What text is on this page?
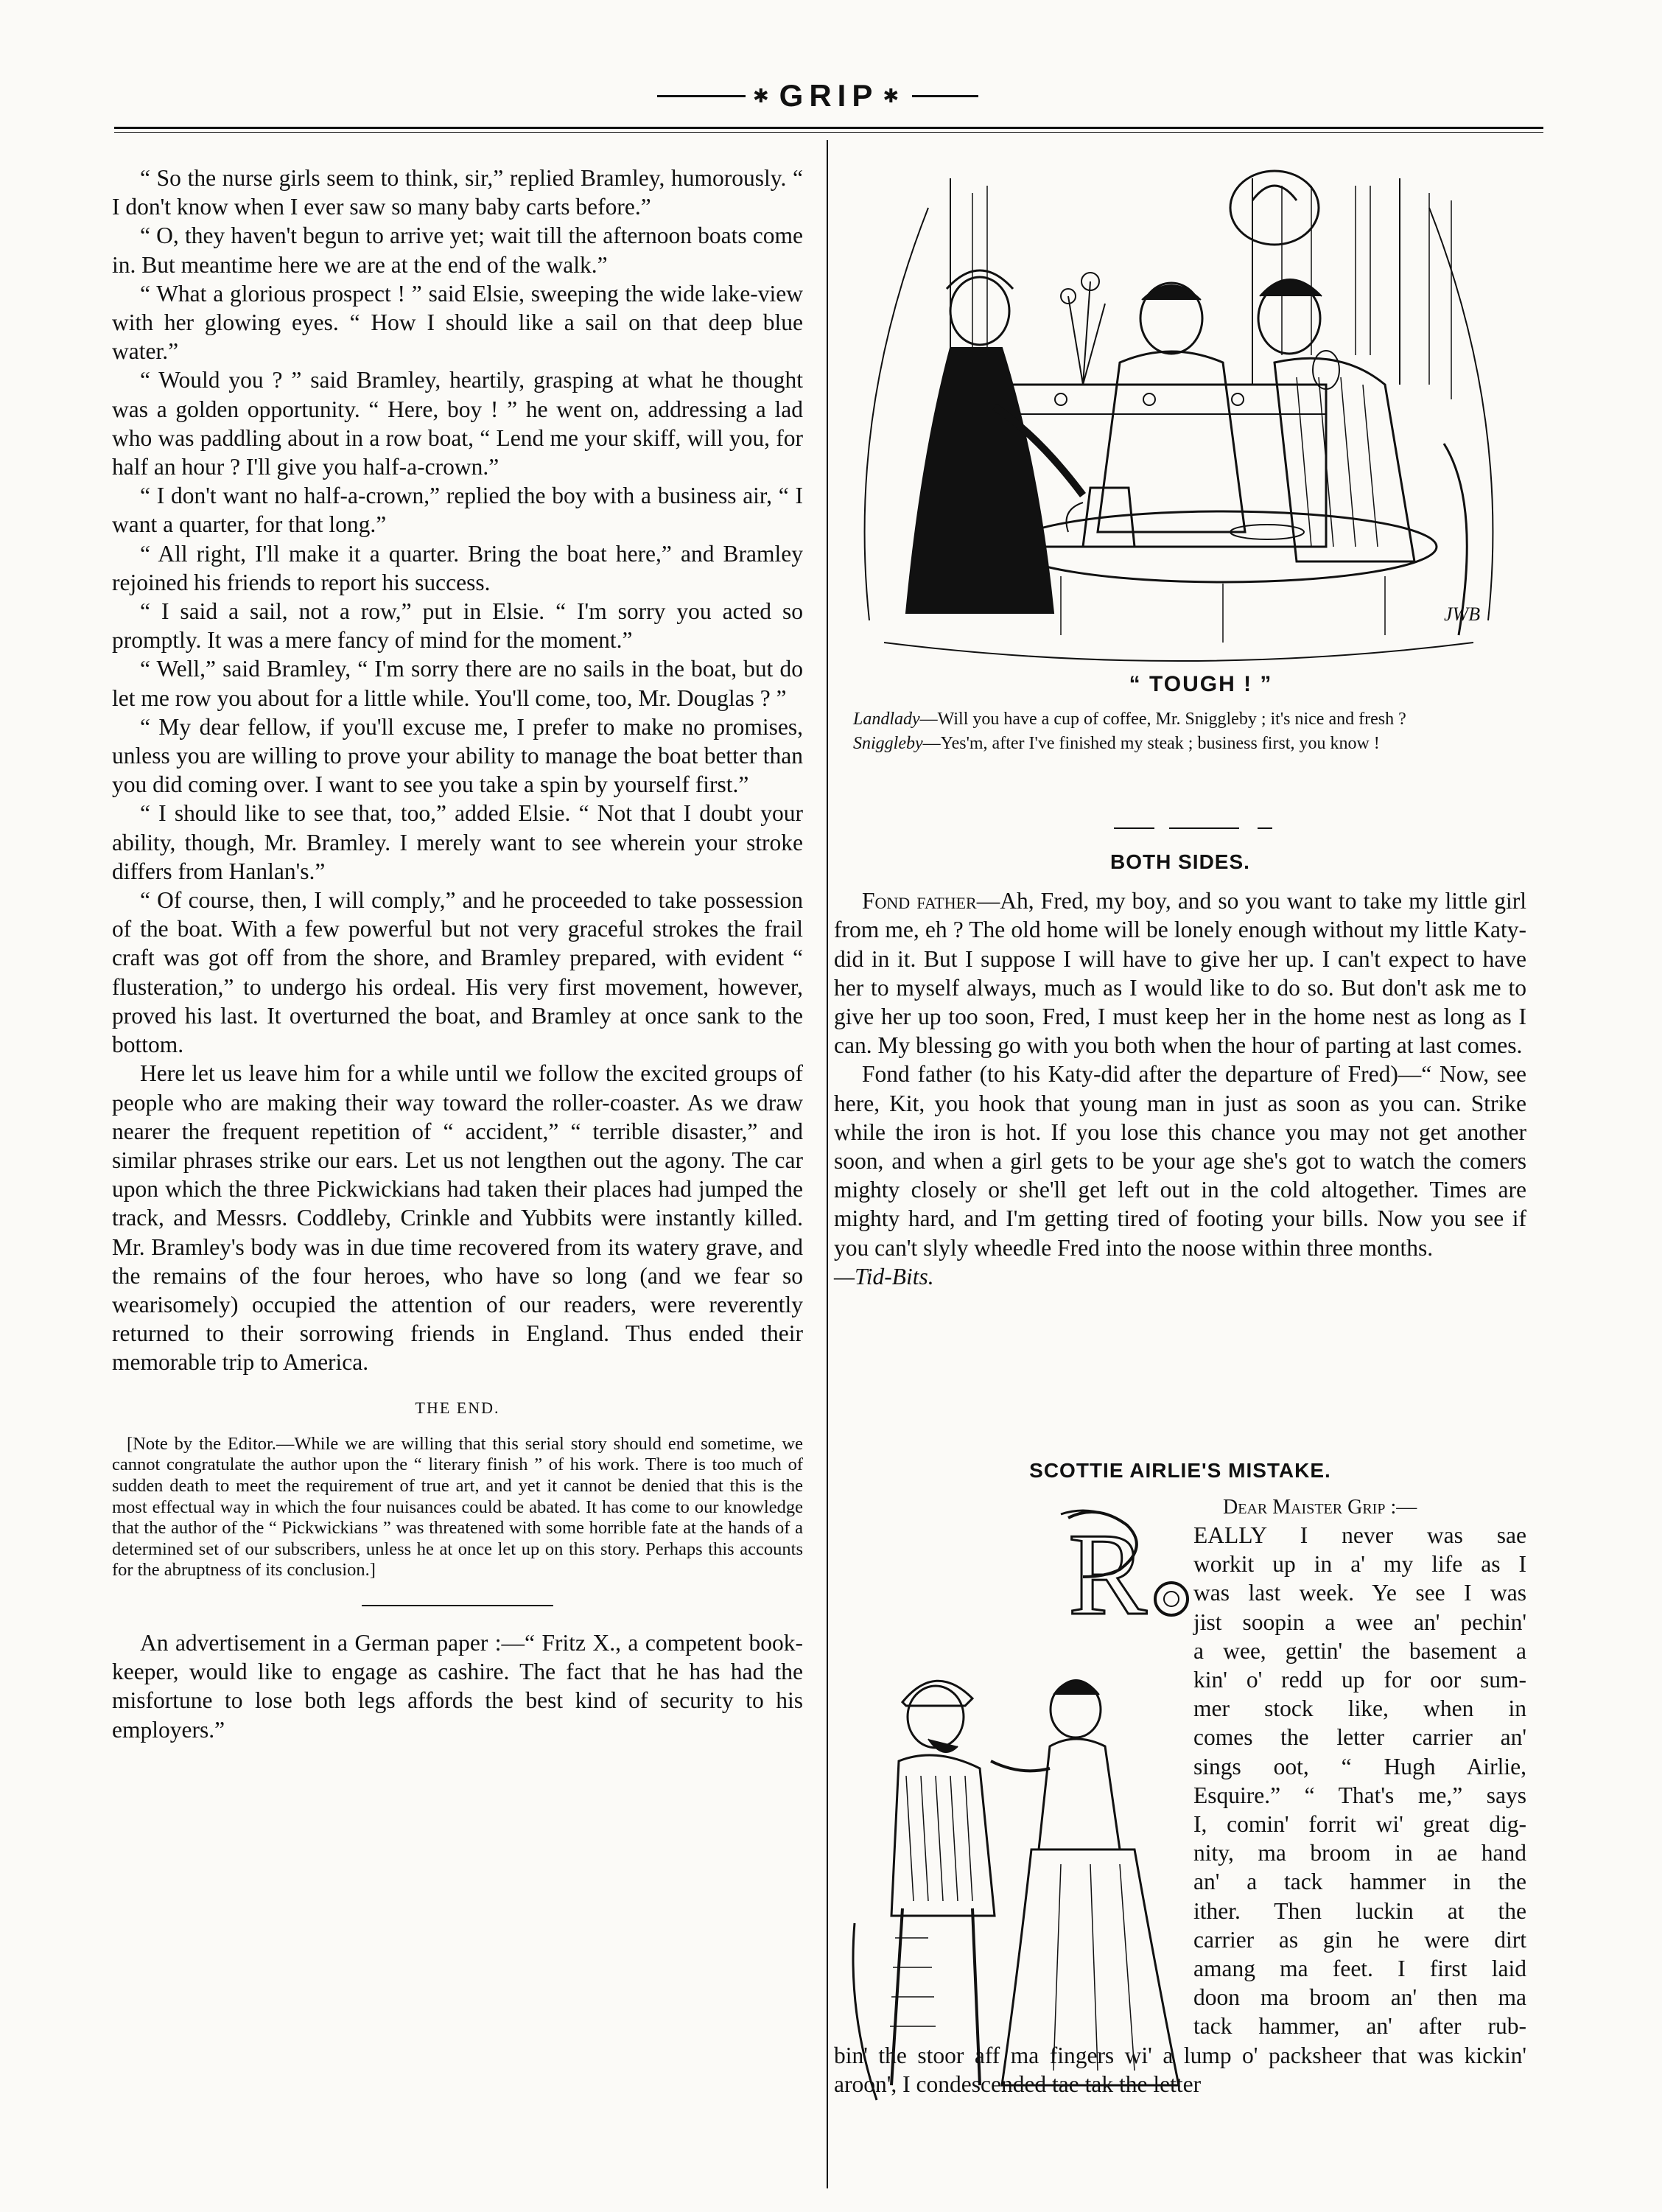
✱ GRIP ✱

“ So the nurse girls seem to think, sir,” replied Bramley, humorously. “ I don't know when I ever saw so many baby carts before.”

“ O, they haven't begun to arrive yet; wait till the afternoon boats come in. But meantime here we are at the end of the walk.”

“ What a glorious prospect ! ” said Elsie, sweeping the wide lake-view with her glowing eyes. “ How I should like a sail on that deep blue water.”

“ Would you ? ” said Bramley, heartily, grasping at what he thought was a golden opportunity. “ Here, boy ! ” he went on, addressing a lad who was paddling about in a row boat, “ Lend me your skiff, will you, for half an hour ? I'll give you half-a-crown.”

“ I don't want no half-a-crown,” replied the boy with a business air, “ I want a quarter, for that long.”

“ All right, I'll make it a quarter. Bring the boat here,” and Bramley rejoined his friends to report his success.

“ I said a sail, not a row,” put in Elsie. “ I'm sorry you acted so promptly. It was a mere fancy of mind for the moment.”

“ Well,” said Bramley, “ I'm sorry there are no sails in the boat, but do let me row you about for a little while. You'll come, too, Mr. Douglas ? ”

“ My dear fellow, if you'll excuse me, I prefer to make no promises, unless you are willing to prove your ability to manage the boat better than you did coming over. I want to see you take a spin by yourself first.”

“ I should like to see that, too,” added Elsie. “ Not that I doubt your ability, though, Mr. Bramley. I merely want to see wherein your stroke differs from Hanlan's.”

“ Of course, then, I will comply,” and he proceeded to take possession of the boat. With a few powerful but not very graceful strokes the frail craft was got off from the shore, and Bramley prepared, with evident “ flusteration,” to undergo his ordeal. His very first movement, however, proved his last. It overturned the boat, and Bramley at once sank to the bottom.

Here let us leave him for a while until we follow the excited groups of people who are making their way toward the roller-coaster. As we draw nearer the frequent repetition of “ accident,” “ terrible disaster,” and similar phrases strike our ears. Let us not lengthen out the agony. The car upon which the three Pickwickians had taken their places had jumped the track, and Messrs. Coddleby, Crinkle and Yubbits were instantly killed. Mr. Bramley's body was in due time recovered from its watery grave, and the remains of the four heroes, who have so long (and we fear so wearisomely) occupied the attention of our readers, were reverently returned to their sorrowing friends in England. Thus ended their memorable trip to America.

THE END.

[Note by the Editor.—While we are willing that this serial story should end sometime, we cannot congratulate the author upon the “ literary finish ” of his work. There is too much of sudden death to meet the requirement of true art, and yet it cannot be denied that this is the most effectual way in which the four nuisances could be abated. It has come to our knowledge that the author of the “ Pickwickians ” was threatened with some horrible fate at the hands of a determined set of our subscribers, unless he at once let up on this story. Perhaps this accounts for the abruptness of its conclusion.]

An advertisement in a German paper :—“ Fritz X., a competent book-keeper, would like to engage as cashire. The fact that he has had the misfortune to lose both legs affords the best kind of security to his employers.”

JWB
“ TOUGH ! ”

Landlady—Will you have a cup of coffee, Mr. Sniggleby ; it's nice and fresh ?

Sniggleby—Yes'm, after I've finished my steak ; business first, you know !

BOTH SIDES.

Fond father—Ah, Fred, my boy, and so you want to take my little girl from me, eh ? The old home will be lonely enough without my little Katy-did in it. But I suppose I will have to give her up. I can't expect to have her to myself always, much as I would like to do so. But don't ask me to give her up too soon, Fred, I must keep her in the home nest as long as I can. My blessing go with you both when the hour of parting at last comes.

Fond father (to his Katy-did after the departure of Fred)—“ Now, see here, Kit, you hook that young man in just as soon as you can. Strike while the iron is hot. If you lose this chance you may not get another soon, and when a girl gets to be your age she's got to watch the comers mighty closely or she'll get left out in the cold altogether. Times are mighty hard, and I'm getting tired of footing your bills. Now you see if you can't slyly wheedle Fred into the noose within three months.

—Tid-Bits.

SCOTTIE AIRLIE'S MISTAKE.
Dear Maister Grip :—
R EALLY I never was sae

workit up in a' my life as I

was last week. Ye see I was

jist soopin a wee an' pechin'

a wee, gettin' the basement a

kin' o' redd up for oor sum-

mer stock like, when in

comes the letter carrier an'

sings oot, “ Hugh Airlie,

Esquire.” “ That's me,” says

I, comin' forrit wi' great dig-

nity, ma broom in ae hand

an' a tack hammer in the

ither. Then luckin at the

carrier as gin he were dirt

amang ma feet. I first laid

doon ma broom an' then ma

tack hammer, an' after rub-

bin' the stoor aff ma fingers wi' a lump o' packsheer that was kickin' aroon', I condescended tae tak the letter
